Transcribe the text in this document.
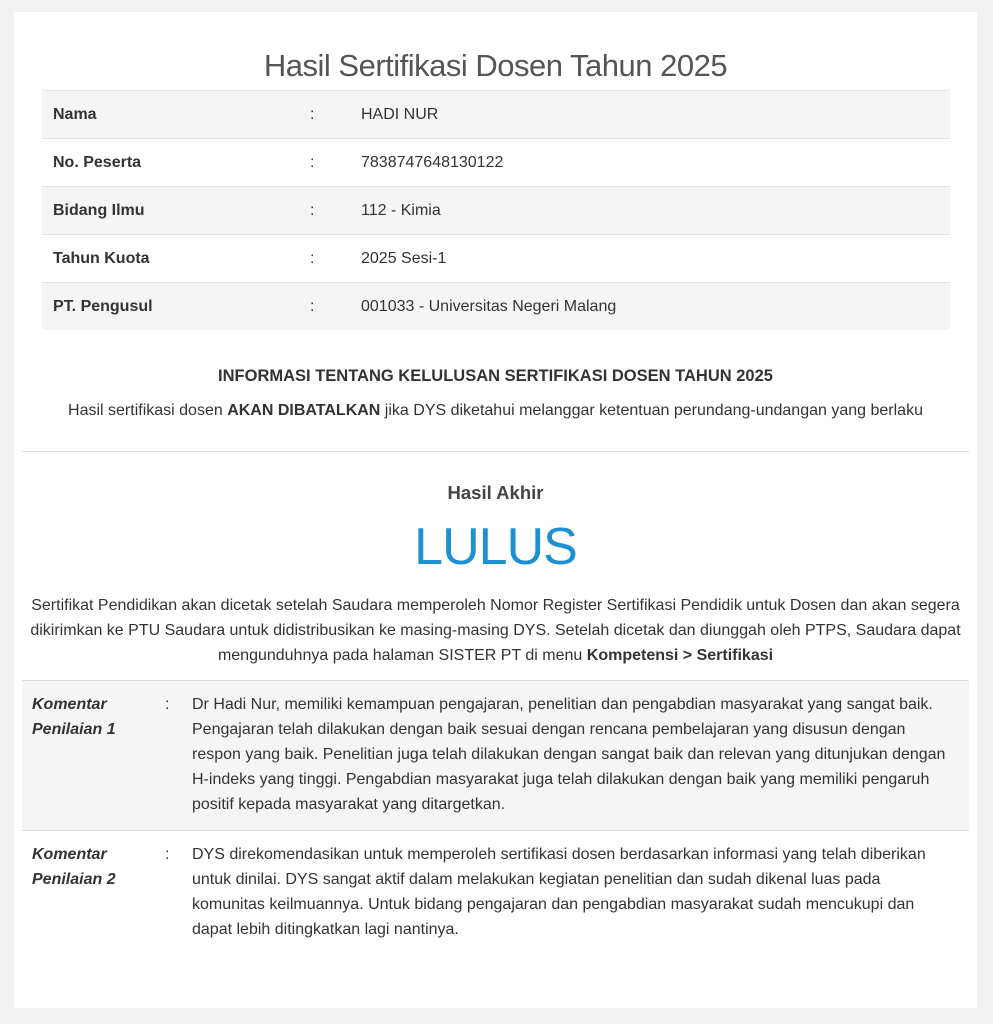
Hasil Sertifikasi Dosen Tahun 2025
Nama	:	HADI NUR
No. Peserta	:	7838747648130122
Bidang Ilmu	:	112 - Kimia
Tahun Kuota	:	2025 Sesi-1
PT. Pengusul	:	001033 - Universitas Negeri Malang
INFORMASI TENTANG KELULUSAN SERTIFIKASI DOSEN TAHUN 2025
Hasil sertifikasi dosen AKAN DIBATALKAN jika DYS diketahui melanggar ketentuan perundang-undangan yang berlaku
Hasil Akhir
LULUS
Sertifikat Pendidikan akan dicetak setelah Saudara memperoleh Nomor Register Sertifikasi Pendidik untuk Dosen dan akan segera dikirimkan ke PTU Saudara untuk didistribusikan ke masing-masing DYS. Setelah dicetak dan diunggah oleh PTPS, Saudara dapat mengunduhnya pada halaman SISTER PT di menu Kompetensi > Sertifikasi
Komentar
Penilaian 1
:	Dr Hadi Nur, memiliki kemampuan pengajaran, penelitian dan pengabdian masyarakat yang sangat baik. Pengajaran telah dilakukan dengan baik sesuai dengan rencana pembelajaran yang disusun dengan respon yang baik. Penelitian juga telah dilakukan dengan sangat baik dan relevan yang ditunjukan dengan H-indeks yang tinggi. Pengabdian masyarakat juga telah dilakukan dengan baik yang memiliki pengaruh positif kepada masyarakat yang ditargetkan.
Komentar
Penilaian 2
:	DYS direkomendasikan untuk memperoleh sertifikasi dosen berdasarkan informasi yang telah diberikan untuk dinilai. DYS sangat aktif dalam melakukan kegiatan penelitian dan sudah dikenal luas pada komunitas keilmuannya. Untuk bidang pengajaran dan pengabdian masyarakat sudah mencukupi dan dapat lebih ditingkatkan lagi nantinya.
